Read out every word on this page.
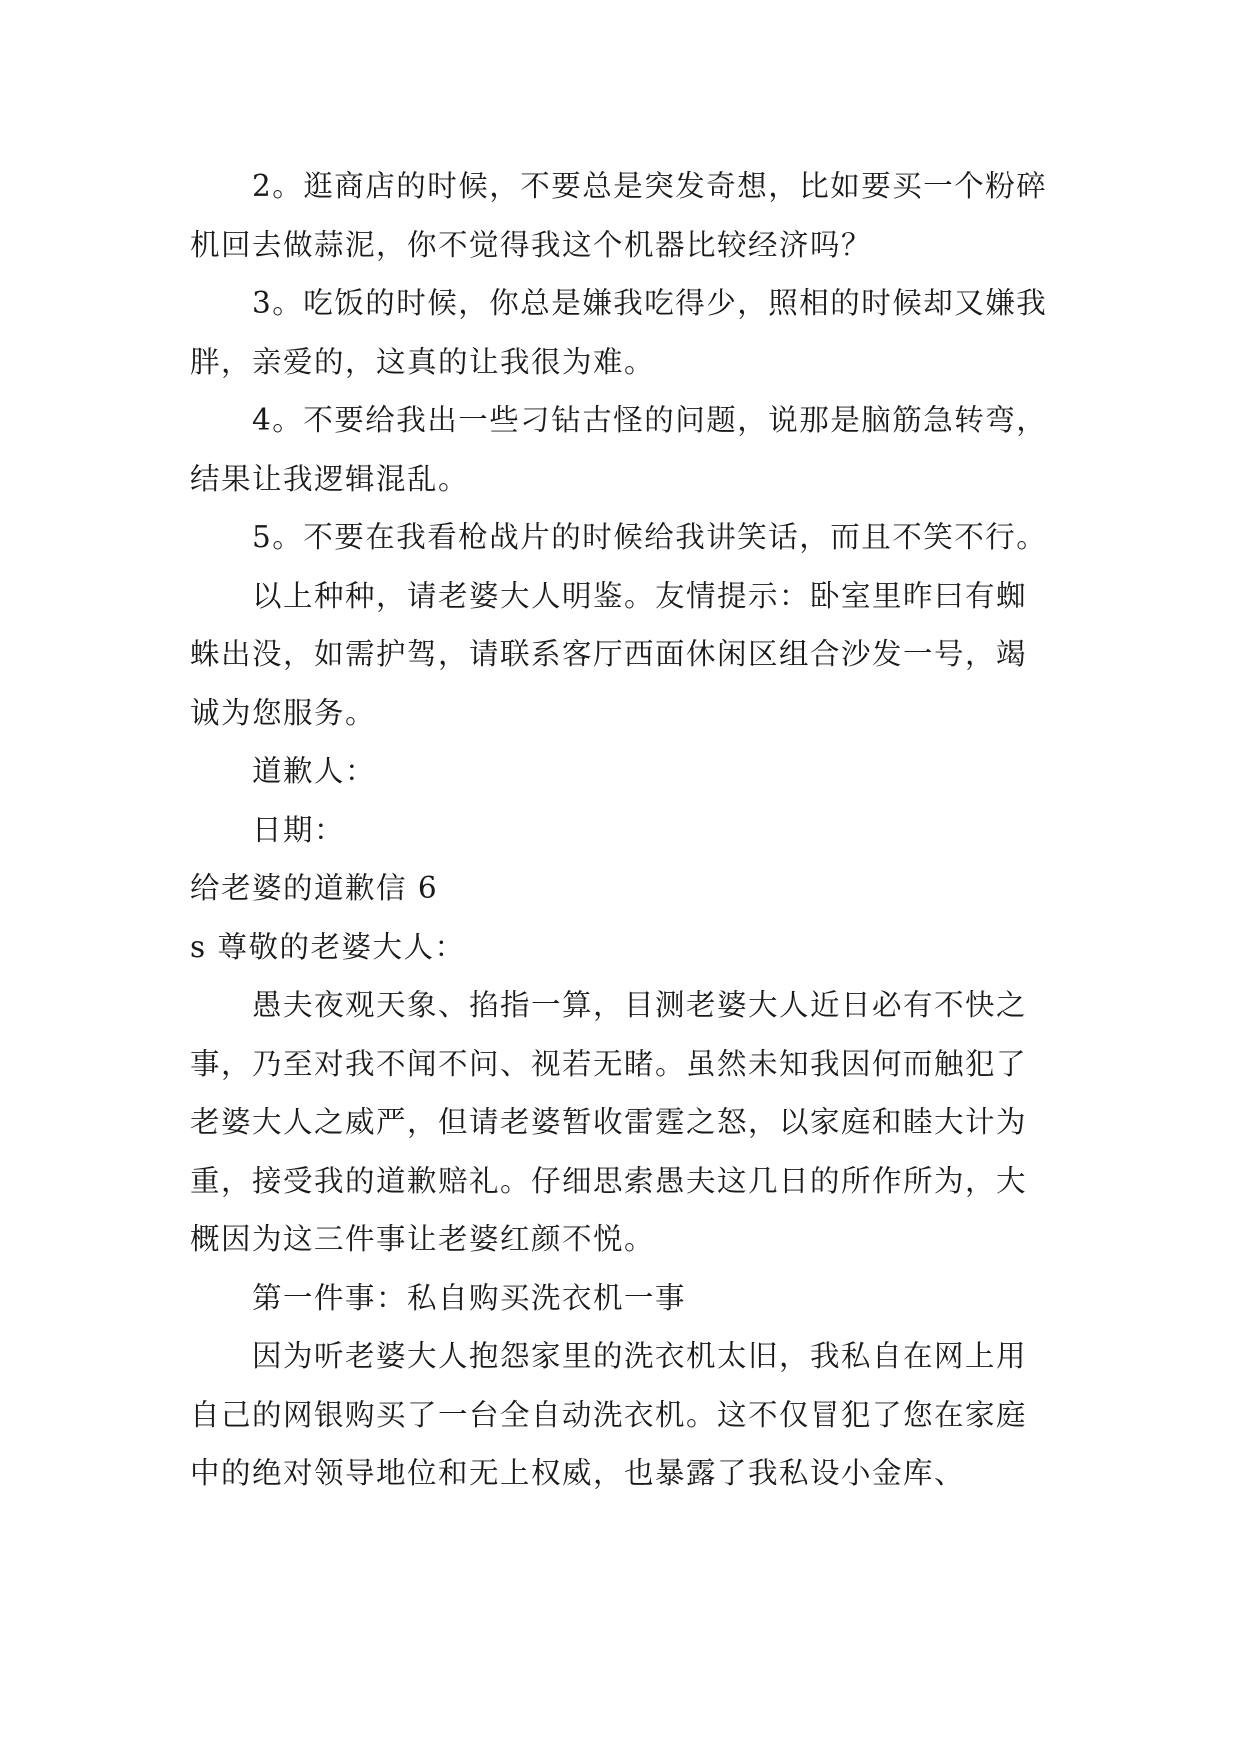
2。逛商店的时候，不要总是突发奇想，比如要买一个粉碎机回去做蒜泥，你不觉得我这个机器比较经济吗？

3。吃饭的时候，你总是嫌我吃得少，照相的时候却又嫌我胖，亲爱的，这真的让我很为难。

4。不要给我出一些刁钻古怪的问题，说那是脑筋急转弯，结果让我逻辑混乱。

5。不要在我看枪战片的时候给我讲笑话，而且不笑不行。

以上种种，请老婆大人明鉴。友情提示：卧室里昨曰有蜘蛛出没，如需护驾，请联系客厅西面休闲区组合沙发一号，竭诚为您服务。

道歉人：

日期：

给老婆的道歉信 6

s 尊敬的老婆大人：

愚夫夜观天象、掐指一算，目测老婆大人近日必有不快之事，乃至对我不闻不问、视若无睹。虽然未知我因何而触犯了老婆大人之威严，但请老婆暂收雷霆之怒，以家庭和睦大计为重，接受我的道歉赔礼。仔细思索愚夫这几日的所作所为，大概因为这三件事让老婆红颜不悦。

第一件事：私自购买洗衣机一事

因为听老婆大人抱怨家里的洗衣机太旧，我私自在网上用自己的网银购买了一台全自动洗衣机。这不仅冒犯了您在家庭中的绝对领导地位和无上权威，也暴露了我私设小金库、
